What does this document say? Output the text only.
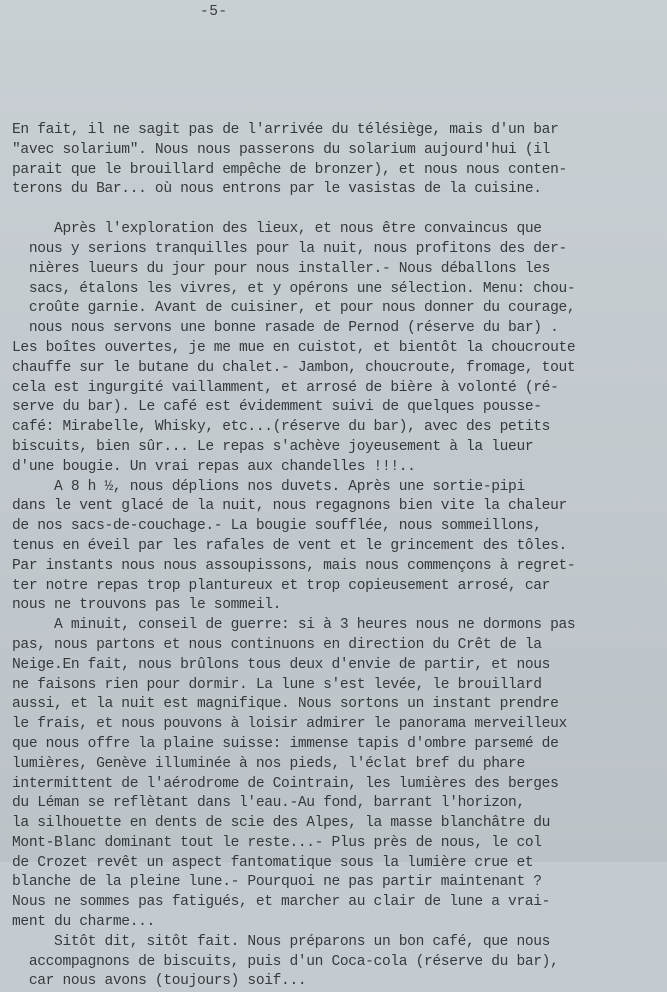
-5-
En fait, il ne sagit pas de l'arrivée du télésiège, mais d'un bar
"avec solarium". Nous nous passerons du solarium aujourd'hui (il
parait que le brouillard empêche de bronzer), et nous nous conten-
terons du Bar... où nous entrons par le vasistas de la cuisine.
Après l'exploration des lieux, et nous être convaincus que
nous y serions tranquilles pour la nuit, nous profitons des der-
nières lueurs du jour pour nous installer.- Nous déballons les
sacs, étalons les vivres, et y opérons une sélection. Menu: chou-
croûte garnie. Avant de cuisiner, et pour nous donner du courage,
nous nous servons une bonne rasade de Pernod (réserve du bar) .
Les boîtes ouvertes, je me mue en cuistot, et bientôt la choucroute
chauffe sur le butane du chalet.- Jambon, choucroute, fromage, tout
cela est ingurgité vaillamment, et arrosé de bière à volonté (ré-
serve du bar). Le café est évidemment suivi de quelques pousse-
café: Mirabelle, Whisky, etc...(réserve du bar), avec des petits
biscuits, bien sûr... Le repas s'achève joyeusement à la lueur
d'une bougie. Un vrai repas aux chandelles !!!..
A 8 h ½, nous déplions nos duvets. Après une sortie-pipi
dans le vent glacé de la nuit, nous regagnons bien vite la chaleur
de nos sacs-de-couchage.- La bougie soufflée, nous sommeillons,
tenus en éveil par les rafales de vent et le grincement des tôles.
Par instants nous nous assoupissons, mais nous commençons à regret-
ter notre repas trop plantureux et trop copieusement arrosé, car
nous ne trouvons pas le sommeil.
A minuit, conseil de guerre: si à 3 heures nous ne dormons pas
pas, nous partons et nous continuons en direction du Crêt de la
Neige.En fait, nous brûlons tous deux d'envie de partir, et nous
ne faisons rien pour dormir. La lune s'est levée, le brouillard
aussi, et la nuit est magnifique. Nous sortons un instant prendre
le frais, et nous pouvons à loisir admirer le panorama merveilleux
que nous offre la plaine suisse: immense tapis d'ombre parsemé de
lumières, Genève illuminée à nos pieds, l'éclat bref du phare
intermittent de l'aérodrome de Cointrain, les lumières des berges
du Léman se reflètant dans l'eau.-Au fond, barrant l'horizon,
la silhouette en dents de scie des Alpes, la masse blanchâtre du
Mont-Blanc dominant tout le reste...- Plus près de nous, le col
de Crozet revêt un aspect fantomatique sous la lumière crue et
blanche de la pleine lune.- Pourquoi ne pas partir maintenant ?
Nous ne sommes pas fatigués, et marcher au clair de lune a vrai-
ment du charme...
Sitôt dit, sitôt fait. Nous préparons un bon café, que nous
accompagnons de biscuits, puis d'un Coca-cola (réserve du bar),
car nous avons (toujours) soif...
